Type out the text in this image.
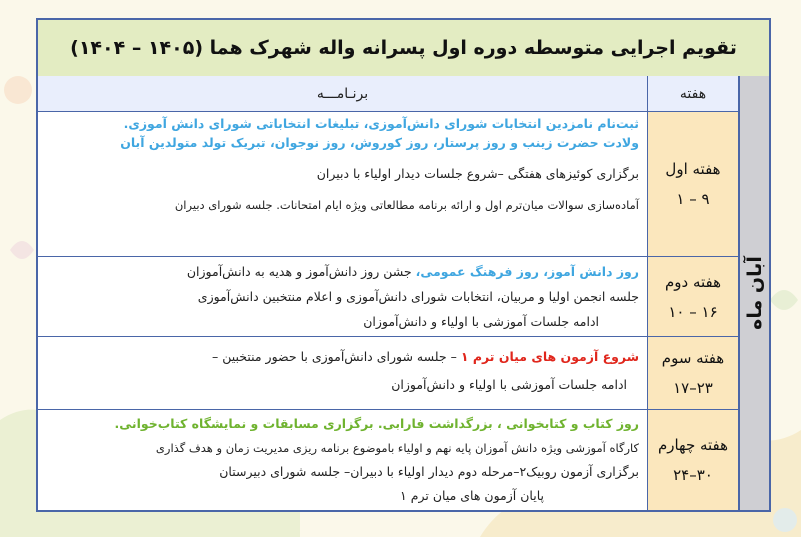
تقویم اجرایی متوسطه دوره اول پسرانه واله شهرک هما (۱۴۰۵ – ۱۴۰۴)
آبان ماه
هفته
برنـامـــه
هفته اول
۹ – ۱
ثبت‌نام نامزدین انتخابات شورای دانش‌آموزی، تبلیغات انتخاباتی شورای دانش آموزی.
ولادت حضرت زینب و روز پرستار، روز کوروش، روز نوجوان، تبریک تولد متولدین آبان
برگزاری کوئیزهای هفتگی –شروع جلسات دیدار اولیاء با دبیران
آماده‌سازی سوالات میان‌ترم اول و ارائه برنامه مطالعاتی ویژه ایام امتحانات. جلسه شورای دبیران
هفته دوم
۱۶ – ۱۰
روز دانش آموز، روز فرهنگ عمومی، جشن روز دانش‌آموز و هدیه به دانش‌آموزان
جلسه انجمن اولیا و مربیان، انتخابات شورای دانش‌آموزی و اعلام منتخبین دانش‌آموزی
ادامه جلسات آموزشی با اولیاء و دانش‌آموزان
هفته سوم
۲۳–۱۷
شروع آزمون های میان ترم ۱ – جلسه شورای دانش‌آموزی با حضور منتخبین –
ادامه جلسات آموزشی با اولیاء و دانش‌آموزان
هفته چهارم
۳۰–۲۴
روز کتاب و کتابخوانی ، بزرگداشت فارابی. برگزاری مسابقات و نمایشگاه کتاب‌خوانی.
کارگاه آموزشی ویژه دانش آموزان پایه نهم و اولیاء باموضوع برنامه ریزی مدیریت زمان و هدف گذاری
برگزاری آزمون روبیک۲–مرحله دوم دیدار اولیاء با دبیران– جلسه شورای دبیرستان
پایان آزمون های میان ترم ۱
